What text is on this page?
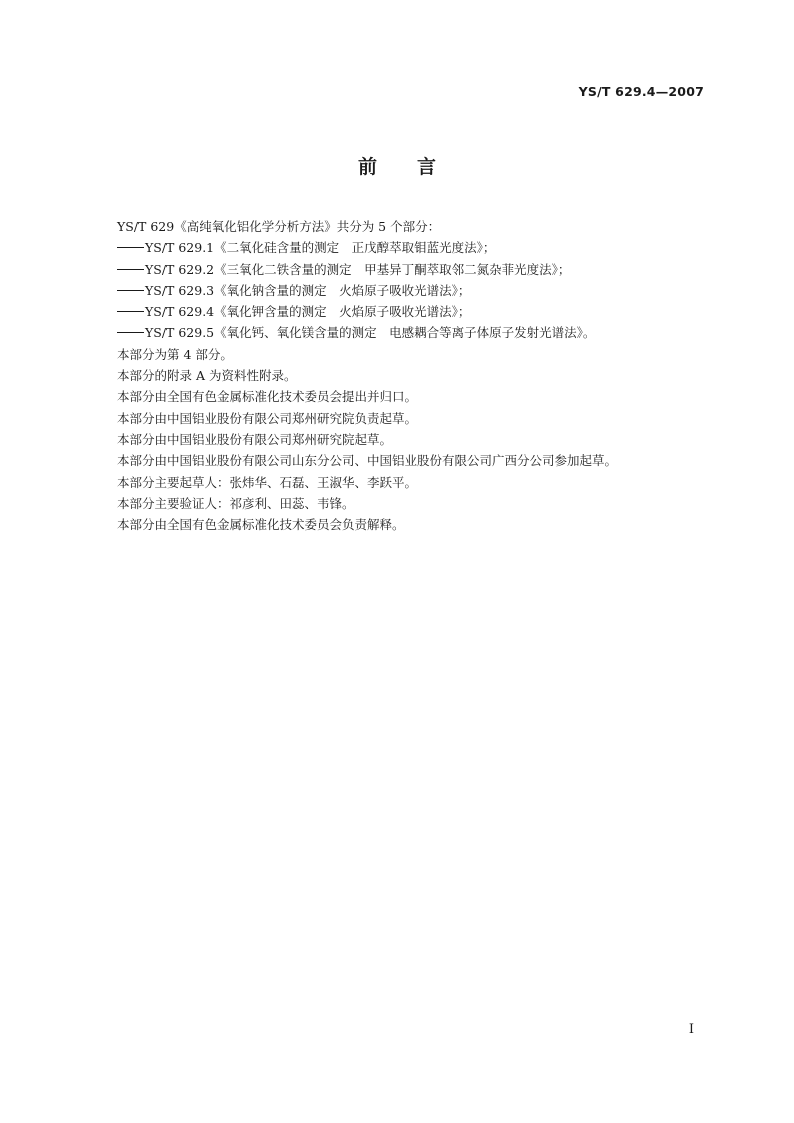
YS/T 629.4—2007
前 言
YS/T 629《高纯氧化铝化学分析方法》共分为 5 个部分：
YS/T 629.1《二氧化硅含量的测定　正戊醇萃取钼蓝光度法》；
YS/T 629.2《三氧化二铁含量的测定　甲基异丁酮萃取邻二氮杂菲光度法》；
YS/T 629.3《氧化钠含量的测定　火焰原子吸收光谱法》；
YS/T 629.4《氧化钾含量的测定　火焰原子吸收光谱法》；
YS/T 629.5《氧化钙、氧化镁含量的测定　电感耦合等离子体原子发射光谱法》。
本部分为第 4 部分。
本部分的附录 A 为资料性附录。
本部分由全国有色金属标准化技术委员会提出并归口。
本部分由中国铝业股份有限公司郑州研究院负责起草。
本部分由中国铝业股份有限公司郑州研究院起草。
本部分由中国铝业股份有限公司山东分公司、中国铝业股份有限公司广西分公司参加起草。
本部分主要起草人：张炜华、石磊、王淑华、李跃平。
本部分主要验证人：祁彦利、田蕊、韦锋。
本部分由全国有色金属标准化技术委员会负责解释。
I
